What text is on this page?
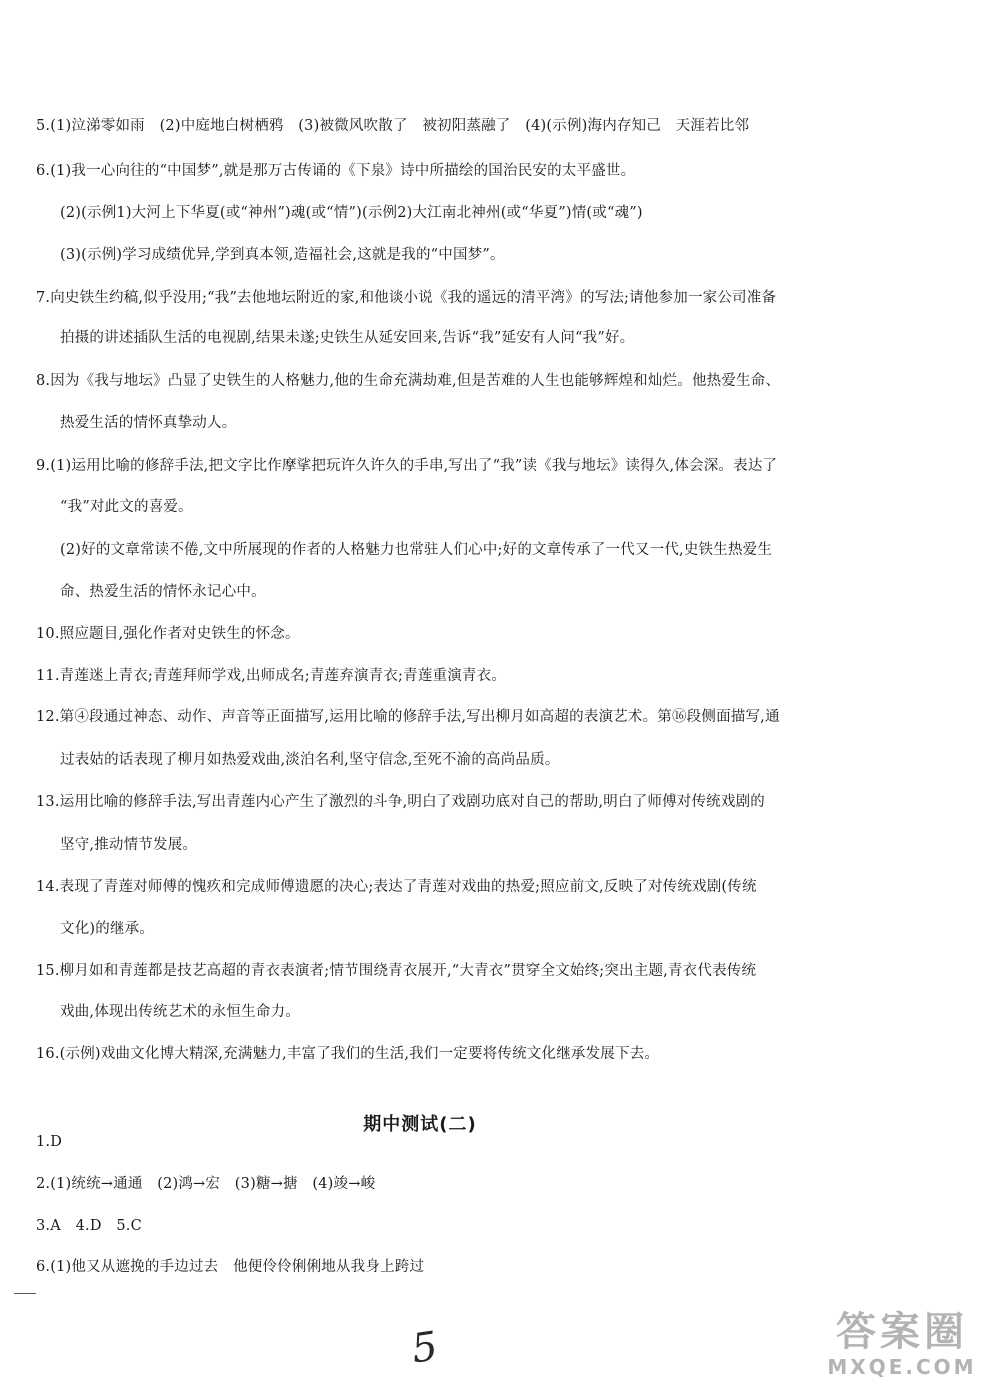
5.(1)泣涕零如雨　(2)中庭地白树栖鸦　(3)被微风吹散了　被初阳蒸融了　(4)(示例)海内存知己　天涯若比邻
6.(1)我一心向往的“中国梦”,就是那万古传诵的《下泉》诗中所描绘的国治民安的太平盛世。
(2)(示例1)大河上下华夏(或“神州”)魂(或“情”)(示例2)大江南北神州(或“华夏”)情(或“魂”)
(3)(示例)学习成绩优异,学到真本领,造福社会,这就是我的“中国梦”。
7.向史铁生约稿,似乎没用;“我”去他地坛附近的家,和他谈小说《我的遥远的清平湾》的写法;请他参加一家公司准备
拍摄的讲述插队生活的电视剧,结果未遂;史铁生从延安回来,告诉“我”延安有人问“我”好。
8.因为《我与地坛》凸显了史铁生的人格魅力,他的生命充满劫难,但是苦难的人生也能够辉煌和灿烂。他热爱生命、
热爱生活的情怀真挚动人。
9.(1)运用比喻的修辞手法,把文字比作摩挲把玩许久许久的手串,写出了“我”读《我与地坛》读得久,体会深。表达了
“我”对此文的喜爱。
(2)好的文章常读不倦,文中所展现的作者的人格魅力也常驻人们心中;好的文章传承了一代又一代,史铁生热爱生
命、热爱生活的情怀永记心中。
10.照应题目,强化作者对史铁生的怀念。
11.青莲迷上青衣;青莲拜师学戏,出师成名;青莲弃演青衣;青莲重演青衣。
12.第④段通过神态、动作、声音等正面描写,运用比喻的修辞手法,写出柳月如高超的表演艺术。第⑯段侧面描写,通
过表姑的话表现了柳月如热爱戏曲,淡泊名利,坚守信念,至死不渝的高尚品质。
13.运用比喻的修辞手法,写出青莲内心产生了激烈的斗争,明白了戏剧功底对自己的帮助,明白了师傅对传统戏剧的
坚守,推动情节发展。
14.表现了青莲对师傅的愧疚和完成师傅遗愿的决心;表达了青莲对戏曲的热爱;照应前文,反映了对传统戏剧(传统
文化)的继承。
15.柳月如和青莲都是技艺高超的青衣表演者;情节围绕青衣展开,“大青衣”贯穿全文始终;突出主题,青衣代表传统
戏曲,体现出传统艺术的永恒生命力。
16.(示例)戏曲文化博大精深,充满魅力,丰富了我们的生活,我们一定要将传统文化继承发展下去。
期中测试(二)
1.D
2.(1)统统→通通　(2)鸿→宏　(3)糖→搪　(4)竣→峻
3.A　4.D　5.C
6.(1)他又从遮挽的手边过去　他便伶伶俐俐地从我身上跨过
5	答案圈
MXQE.COM
